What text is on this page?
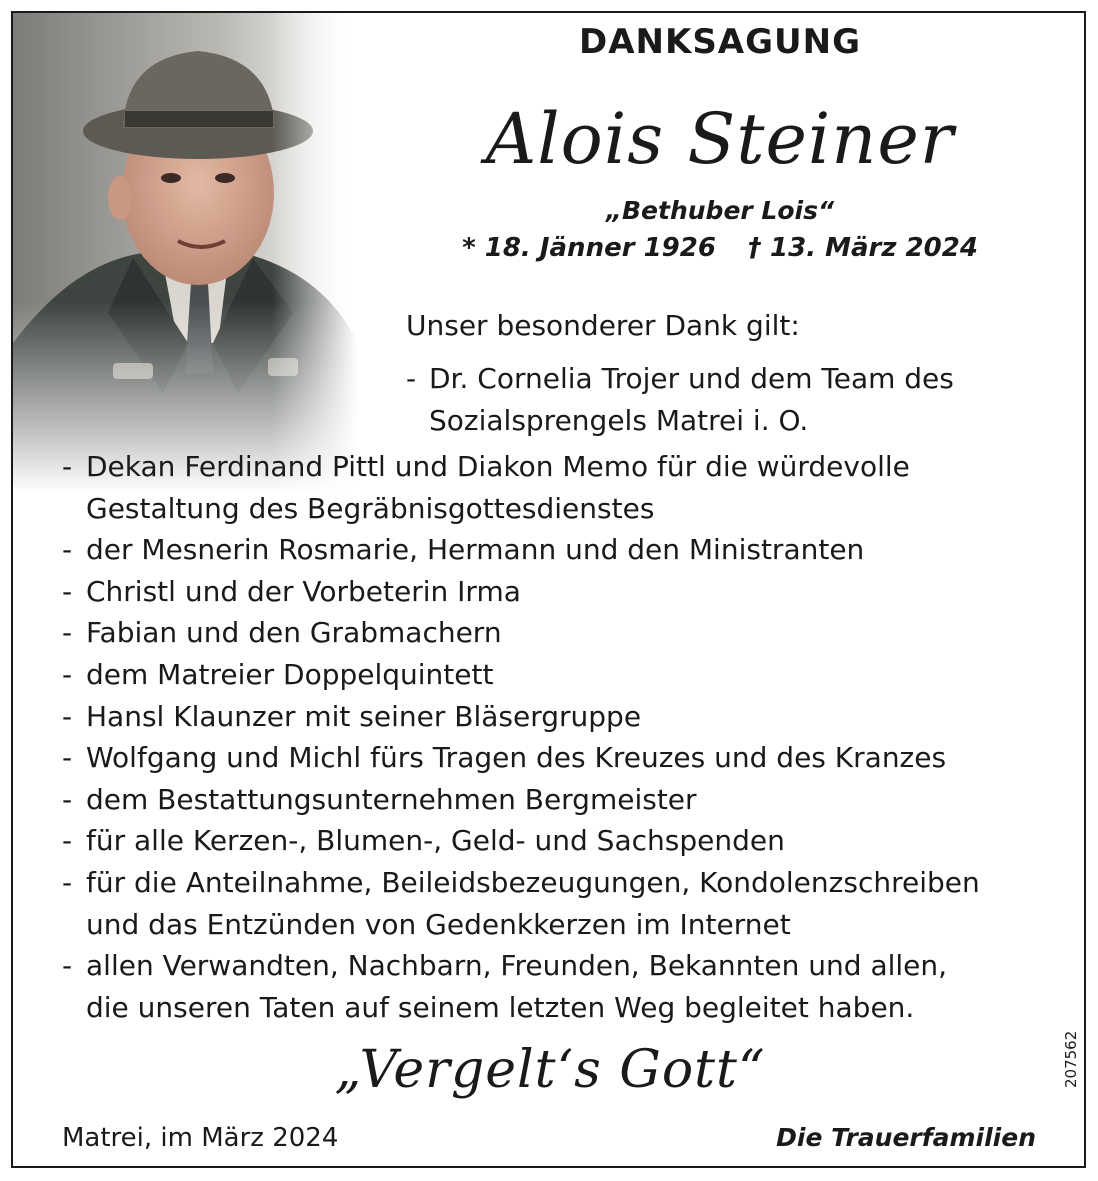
DANKSAGUNG
Alois Steiner
„Bethuber Lois“
* 18. Jänner 1926 † 13. März 2024
Unser besonderer Dank gilt:
- Dr. Cornelia Trojer und dem Team des
Sozialsprengels Matrei i. O.
- Dekan Ferdinand Pittl und Diakon Memo für die würdevolle
Gestaltung des Begräbnisgottesdienstes
- der Mesnerin Rosmarie, Hermann und den Ministranten
- Christl und der Vorbeterin Irma
- Fabian und den Grabmachern
- dem Matreier Doppelquintett
- Hansl Klaunzer mit seiner Bläsergruppe
- Wolfgang und Michl fürs Tragen des Kreuzes und des Kranzes
- dem Bestattungsunternehmen Bergmeister
- für alle Kerzen-, Blumen-, Geld- und Sachspenden
- für die Anteilnahme, Beileidsbezeugungen, Kondolenzschreiben
und das Entzünden von Gedenkkerzen im Internet
- allen Verwandten, Nachbarn, Freunden, Bekannten und allen,
die unseren Taten auf seinem letzten Weg begleitet haben.
„Vergelt‘s Gott“
Matrei, im März 2024	Die Trauerfamilien
207562
